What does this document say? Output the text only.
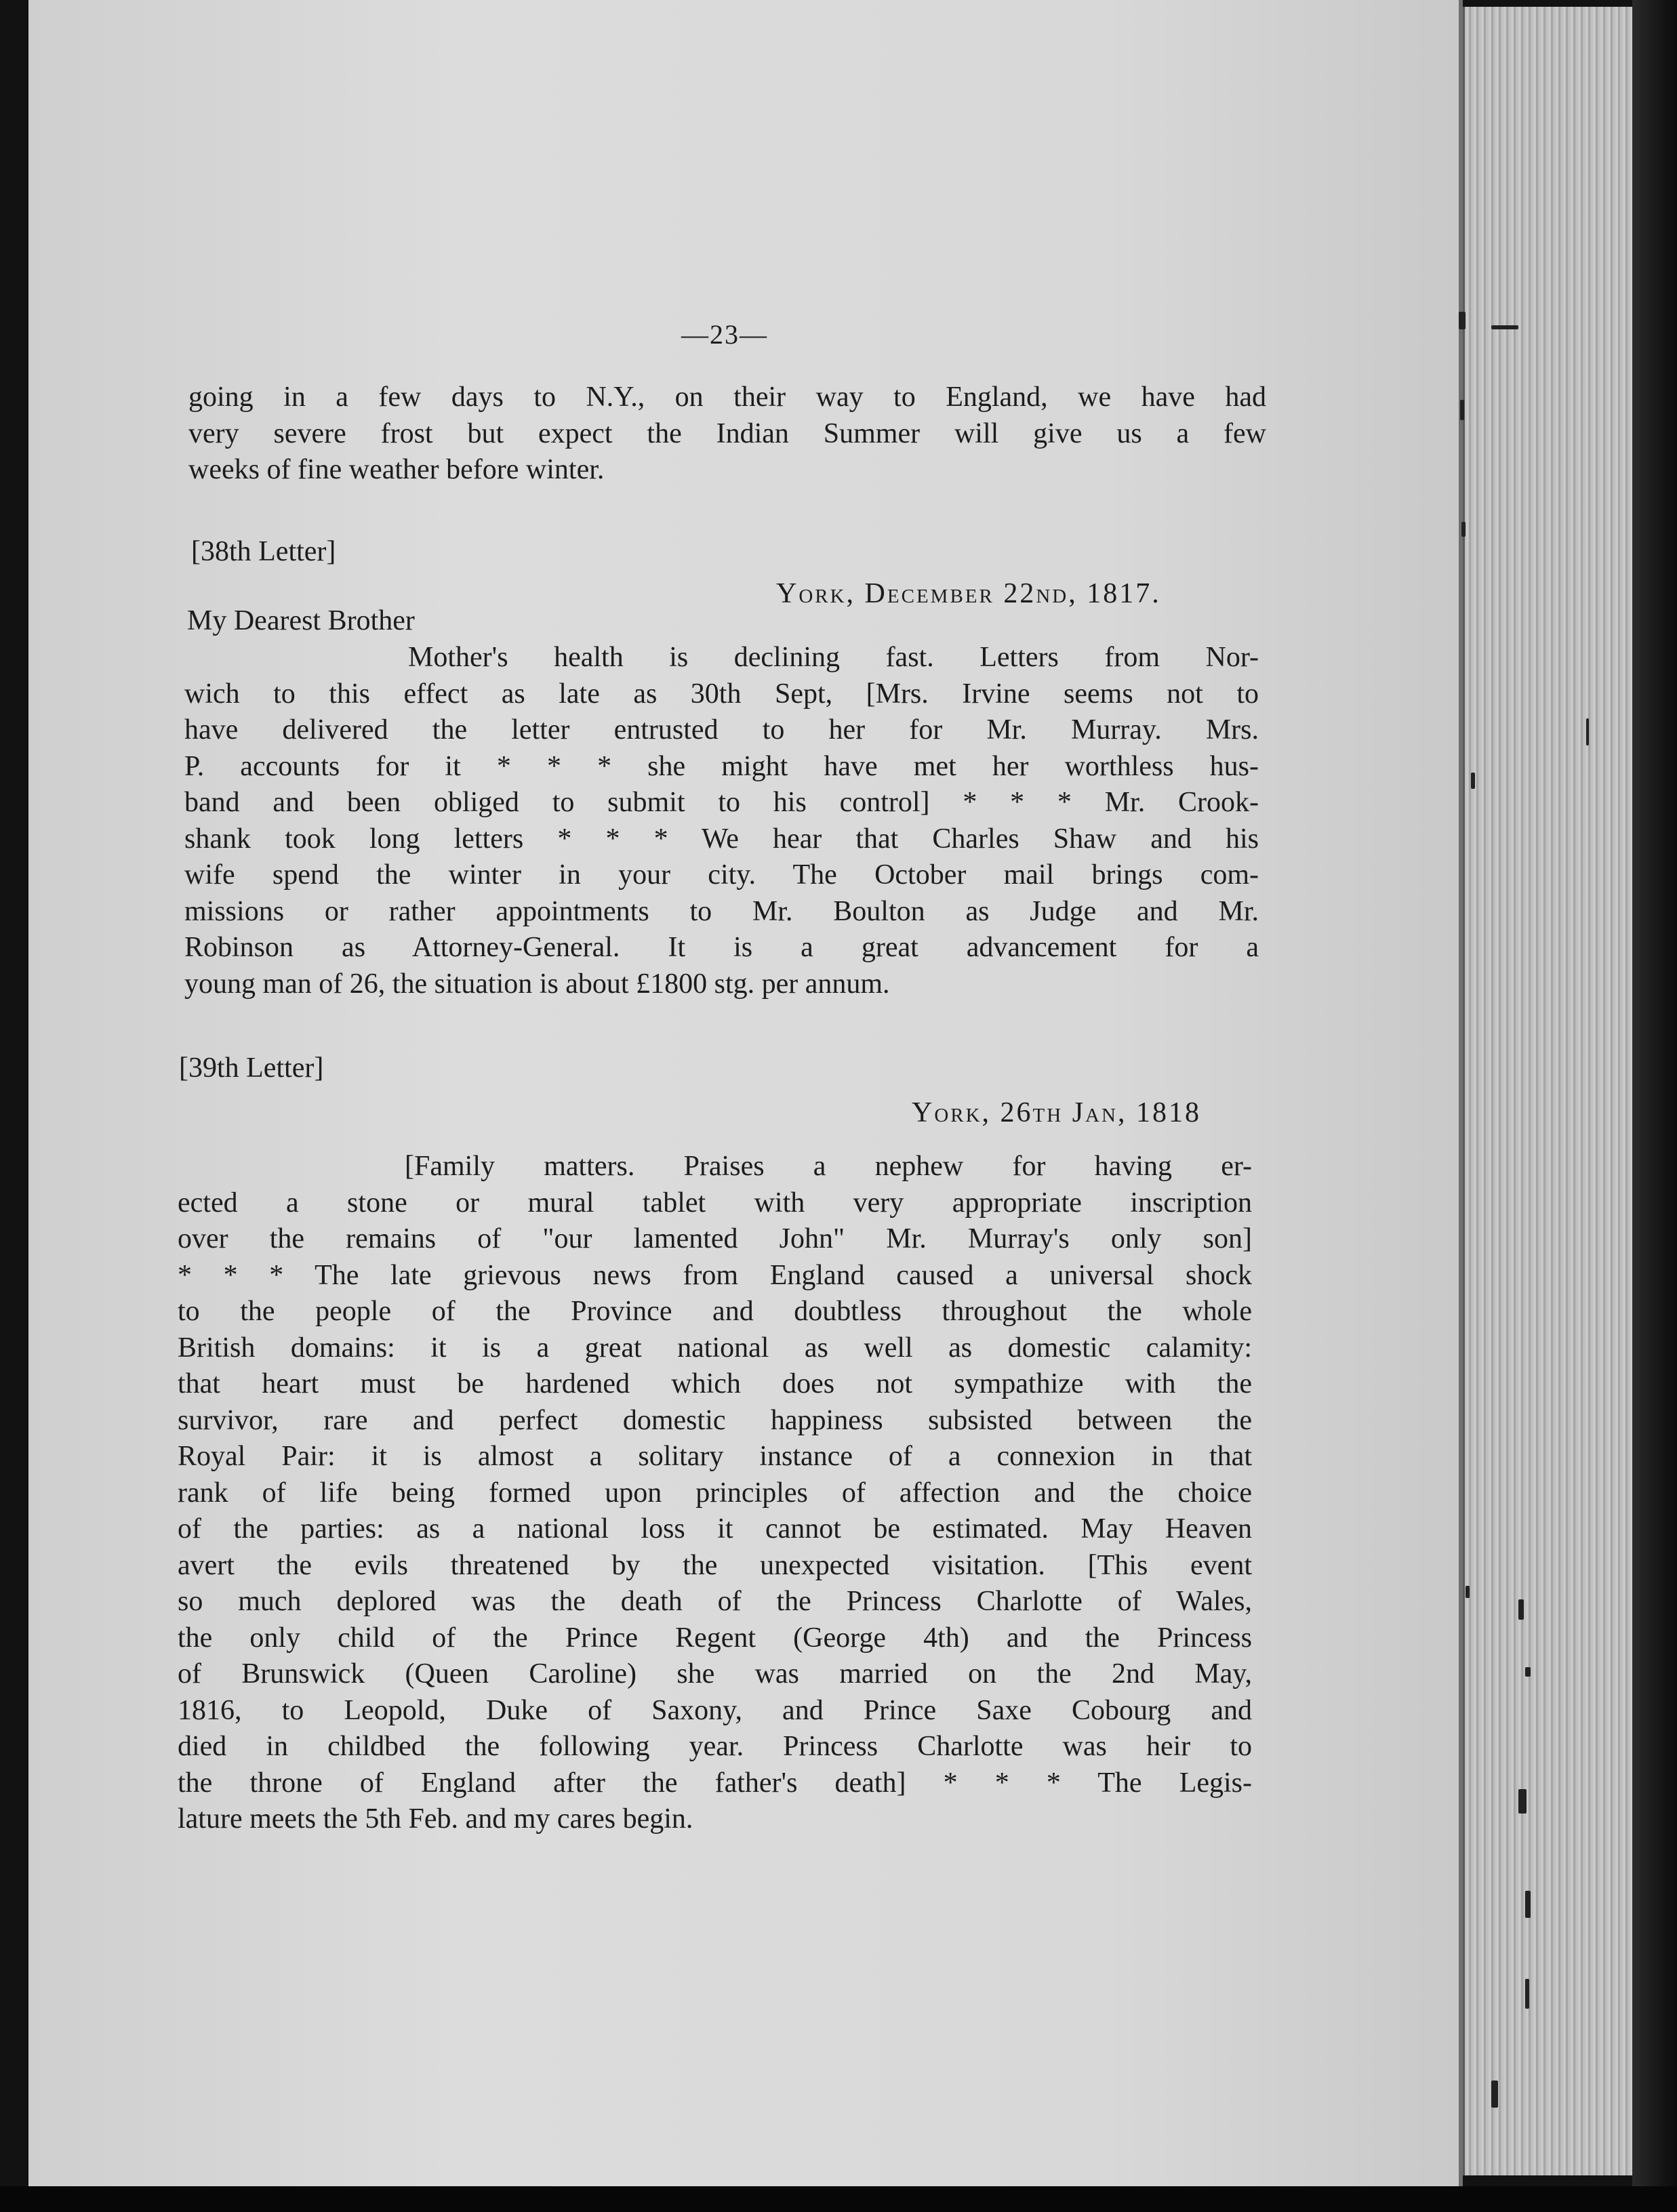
—23—
going in a few days to N.Y., on their way to England, we have had
very severe frost but expect the Indian Summer will give us a few
weeks of fine weather before winter.
[38th Letter]
York, December 22nd, 1817.
My Dearest Brother
Mother's health is declining fast. Letters from Nor-
wich to this effect as late as 30th Sept, [Mrs. Irvine seems not to
have delivered the letter entrusted to her for Mr. Murray. Mrs.
P. accounts for it * * * she might have met her worthless hus-
band and been obliged to submit to his control] * * * Mr. Crook-
shank took long letters * * * We hear that Charles Shaw and his
wife spend the winter in your city. The October mail brings com-
missions or rather appointments to Mr. Boulton as Judge and Mr.
Robinson as Attorney-General. It is a great advancement for a
young man of 26, the situation is about £1800 stg. per annum.
[39th Letter]
York, 26th Jan, 1818
[Family matters. Praises a nephew for having er-
ected a stone or mural tablet with very appropriate inscription
over the remains of "our lamented John" Mr. Murray's only son]
* * * The late grievous news from England caused a universal shock
to the people of the Province and doubtless throughout the whole
British domains: it is a great national as well as domestic calamity:
that heart must be hardened which does not sympathize with the
survivor, rare and perfect domestic happiness subsisted between the
Royal Pair: it is almost a solitary instance of a connexion in that
rank of life being formed upon principles of affection and the choice
of the parties: as a national loss it cannot be estimated. May Heaven
avert the evils threatened by the unexpected visitation. [This event
so much deplored was the death of the Princess Charlotte of Wales,
the only child of the Prince Regent (George 4th) and the Princess
of Brunswick (Queen Caroline) she was married on the 2nd May,
1816, to Leopold, Duke of Saxony, and Prince Saxe Cobourg and
died in childbed the following year. Princess Charlotte was heir to
the throne of England after the father's death] * * * The Legis-
lature meets the 5th Feb. and my cares begin.
